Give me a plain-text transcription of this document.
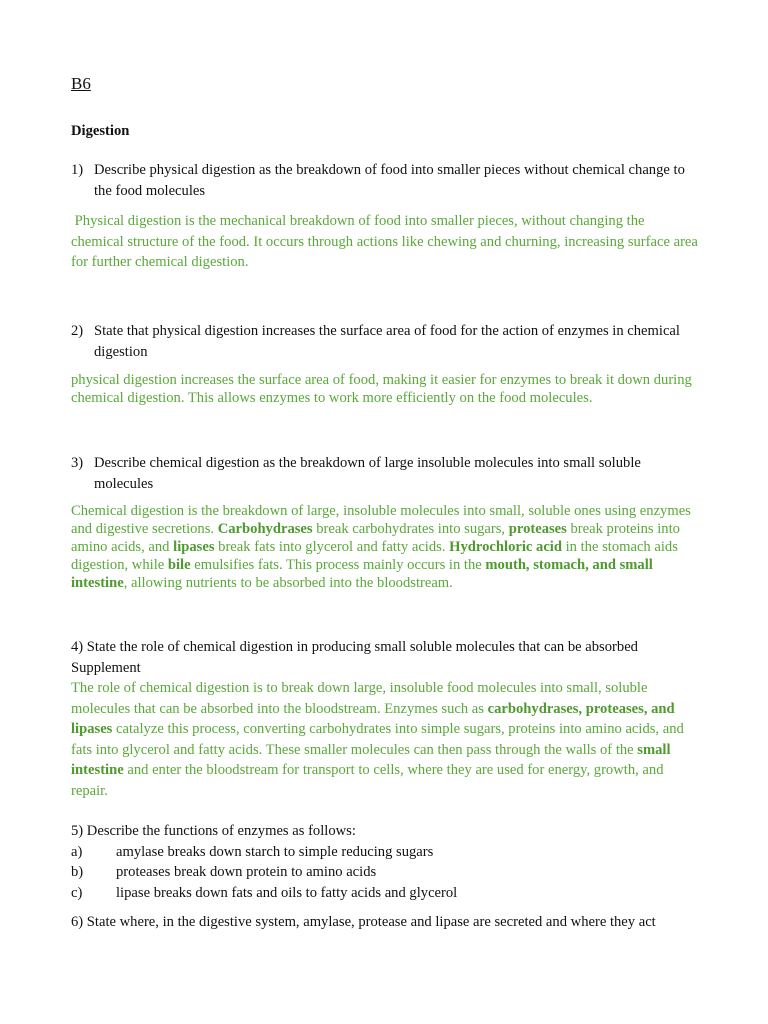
B6
Digestion
1) Describe physical digestion as the breakdown of food into smaller pieces without chemical change to the food molecules
Physical digestion is the mechanical breakdown of food into smaller pieces, without changing the chemical structure of the food. It occurs through actions like chewing and churning, increasing surface area for further chemical digestion.
2) State that physical digestion increases the surface area of food for the action of enzymes in chemical digestion
physical digestion increases the surface area of food, making it easier for enzymes to break it down during chemical digestion. This allows enzymes to work more efficiently on the food molecules.
3) Describe chemical digestion as the breakdown of large insoluble molecules into small soluble molecules
Chemical digestion is the breakdown of large, insoluble molecules into small, soluble ones using enzymes and digestive secretions. Carbohydrases break carbohydrates into sugars, proteases break proteins into amino acids, and lipases break fats into glycerol and fatty acids. Hydrochloric acid in the stomach aids digestion, while bile emulsifies fats. This process mainly occurs in the mouth, stomach, and small intestine, allowing nutrients to be absorbed into the bloodstream.
4) State the role of chemical digestion in producing small soluble molecules that can be absorbed
Supplement
The role of chemical digestion is to break down large, insoluble food molecules into small, soluble molecules that can be absorbed into the bloodstream. Enzymes such as carbohydrases, proteases, and lipases catalyze this process, converting carbohydrates into simple sugars, proteins into amino acids, and fats into glycerol and fatty acids. These smaller molecules can then pass through the walls of the small intestine and enter the bloodstream for transport to cells, where they are used for energy, growth, and repair.
5) Describe the functions of enzymes as follows:
a) amylase breaks down starch to simple reducing sugars
b) proteases break down protein to amino acids
c) lipase breaks down fats and oils to fatty acids and glycerol
6) State where, in the digestive system, amylase, protease and lipase are secreted and where they act
